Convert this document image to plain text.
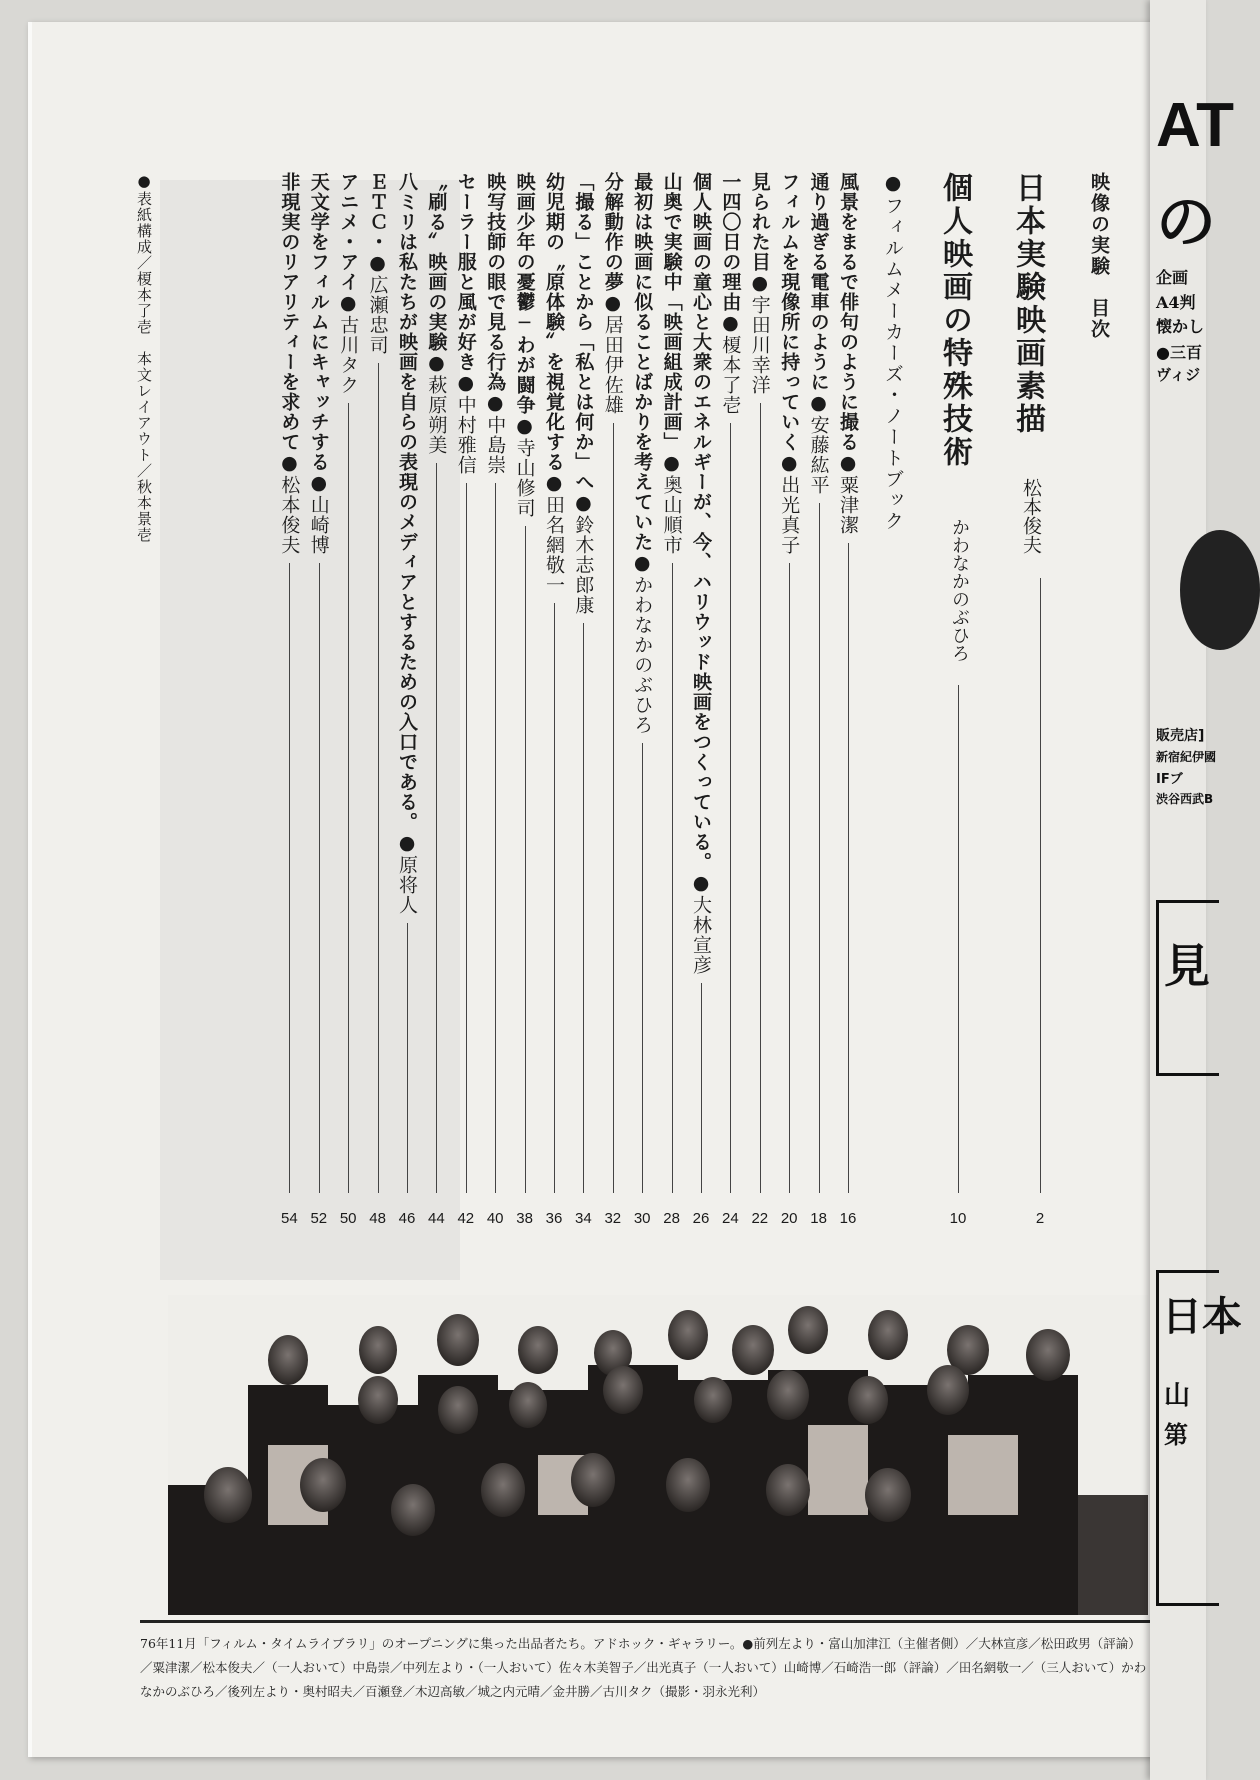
映像の実験　目次
日本実験映画素描
松本俊夫
2
個人映画の特殊技術
かわなかのぶひろ
10
●フィルムメーカーズ・ノートブック
風景をまるで俳句のように撮る●粟津潔
16
通り過ぎる電車のように●安藤紘平
18
フィルムを現像所に持っていく●出光真子
20
見られた目●宇田川幸洋
22
一四〇日の理由●榎本了壱
24
個人映画の童心と大衆のエネルギーが、今、ハリウッド映画をつくっている。●大林宣彦
26
山奥で実験中「映画組成計画」●奥山順市
28
最初は映画に似ることばかりを考えていた●かわなかのぶひろ
30
分解動作の夢●居田伊佐雄
32
「撮る」ことから「私とは何か」へ●鈴木志郎康
34
幼児期の〝原体験〟を視覚化する●田名網敬一
36
映画少年の憂鬱─わが闘争●寺山修司
38
映写技師の眼で見る行為●中島崇
40
セーラー服と風が好き●中村雅信
42
〝刷る〟映画の実験●萩原朔美
44
八ミリは私たちが映画を自らの表現のメディアとするための入口である。●原将人
46
ＥＴＣ・●広瀬忠司
48
アニメ・アイ●古川タク
50
天文学をフィルムにキャッチする●山崎博
52
非現実のリアリティーを求めて●松本俊夫
54
●表紙構成／榎本了壱　本文レイアウト／秋本景壱
76年11月「フィルム・タイムライブラリ」のオープニングに集った出品者たち。アドホック・ギャラリー。●前列左より・富山加津江（主催者側）／大林宣彦／松田政男（評論）／粟津潔／松本俊夫／（一人おいて）中島崇／中列左より・（一人おいて）佐々木美智子／出光真子（一人おいて）山崎博／石崎浩一郎（評論）／田名網敬一／（三人おいて）かわなかのぶひろ／後列左より・奥村昭夫／百瀬登／木辺高敏／城之内元晴／金井勝／古川タク（撮影・羽永光利）
AT
の
企画
A4判
懐かし
●三百
ヴィジ
販売店]
新宿紀伊國
IFブ
渋谷西武B
見
日本
山
第
